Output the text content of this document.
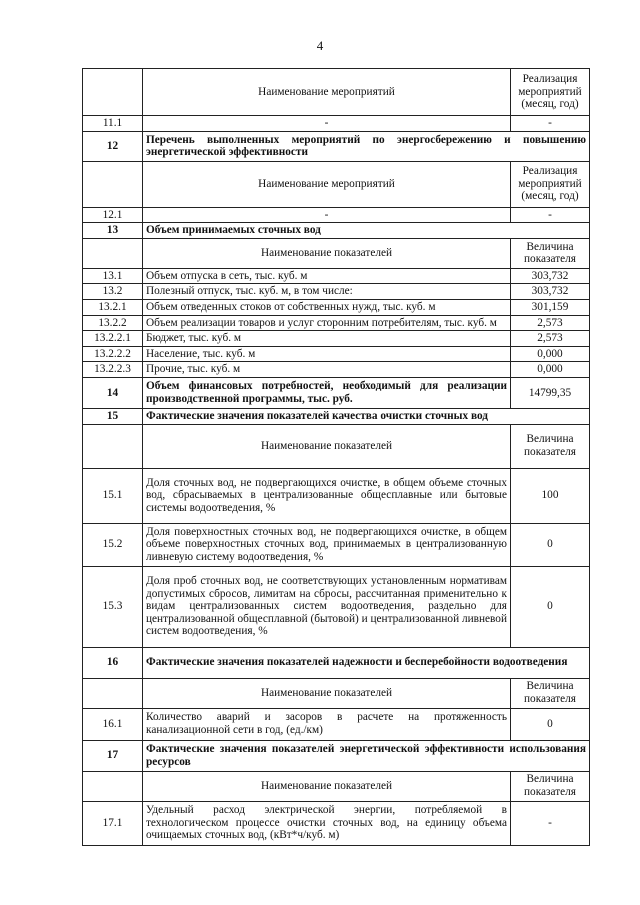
4
	Наименование мероприятий	Реализация мероприятий (месяц, год)
11.1	-	-
12	Перечень выполненных мероприятий по энергосбережению и повышению энергетической эффективности	
	Наименование мероприятий	Реализация мероприятий (месяц, год)
12.1	-	-
13	Объем принимаемых сточных вод	
	Наименование показателей	Величина показателя
13.1	Объем отпуска в сеть, тыс. куб. м	303,732
13.2	Полезный отпуск, тыс. куб. м, в том числе:	303,732
13.2.1	Объем отведенных стоков от собственных нужд, тыс. куб. м	301,159
13.2.2	Объем реализации товаров и услуг сторонним потребителям, тыс. куб. м	2,573
13.2.2.1	Бюджет, тыс. куб. м	2,573
13.2.2.2	Население, тыс. куб. м	0,000
13.2.2.3	Прочие, тыс. куб. м	0,000
14	Объем финансовых потребностей, необходимый для реализации производственной программы, тыс. руб.	14799,35
15	Фактические значения показателей качества очистки сточных вод	
	Наименование показателей	Величина показателя
15.1	Доля сточных вод, не подвергающихся очистке, в общем объеме сточных вод, сбрасываемых в централизованные общесплавные или бытовые системы водоотведения, %	100
15.2	Доля поверхностных сточных вод, не подвергающихся очистке, в общем объеме поверхностных сточных вод, принимаемых в централизованную ливневую систему водоотведения, %	0
15.3	Доля проб сточных вод, не соответствующих установленным нормативам допустимых сбросов, лимитам на сбросы, рассчитанная применительно к видам централизованных систем водоотведения, раздельно для централизованной общесплавной (бытовой) и централизованной ливневой систем водоотведения, %	0
16	Фактические значения показателей надежности и бесперебойности водоотведения	
	Наименование показателей	Величина показателя
16.1	Количество аварий и засоров в расчете на протяженность канализационной сети в год, (ед./км)	0
17	Фактические значения показателей энергетической эффективности использования ресурсов	
	Наименование показателей	Величина показателя
17.1	Удельный расход электрической энергии, потребляемой в технологическом процессе очистки сточных вод, на единицу объема очищаемых сточных вод, (кВт*ч/куб. м)	-
